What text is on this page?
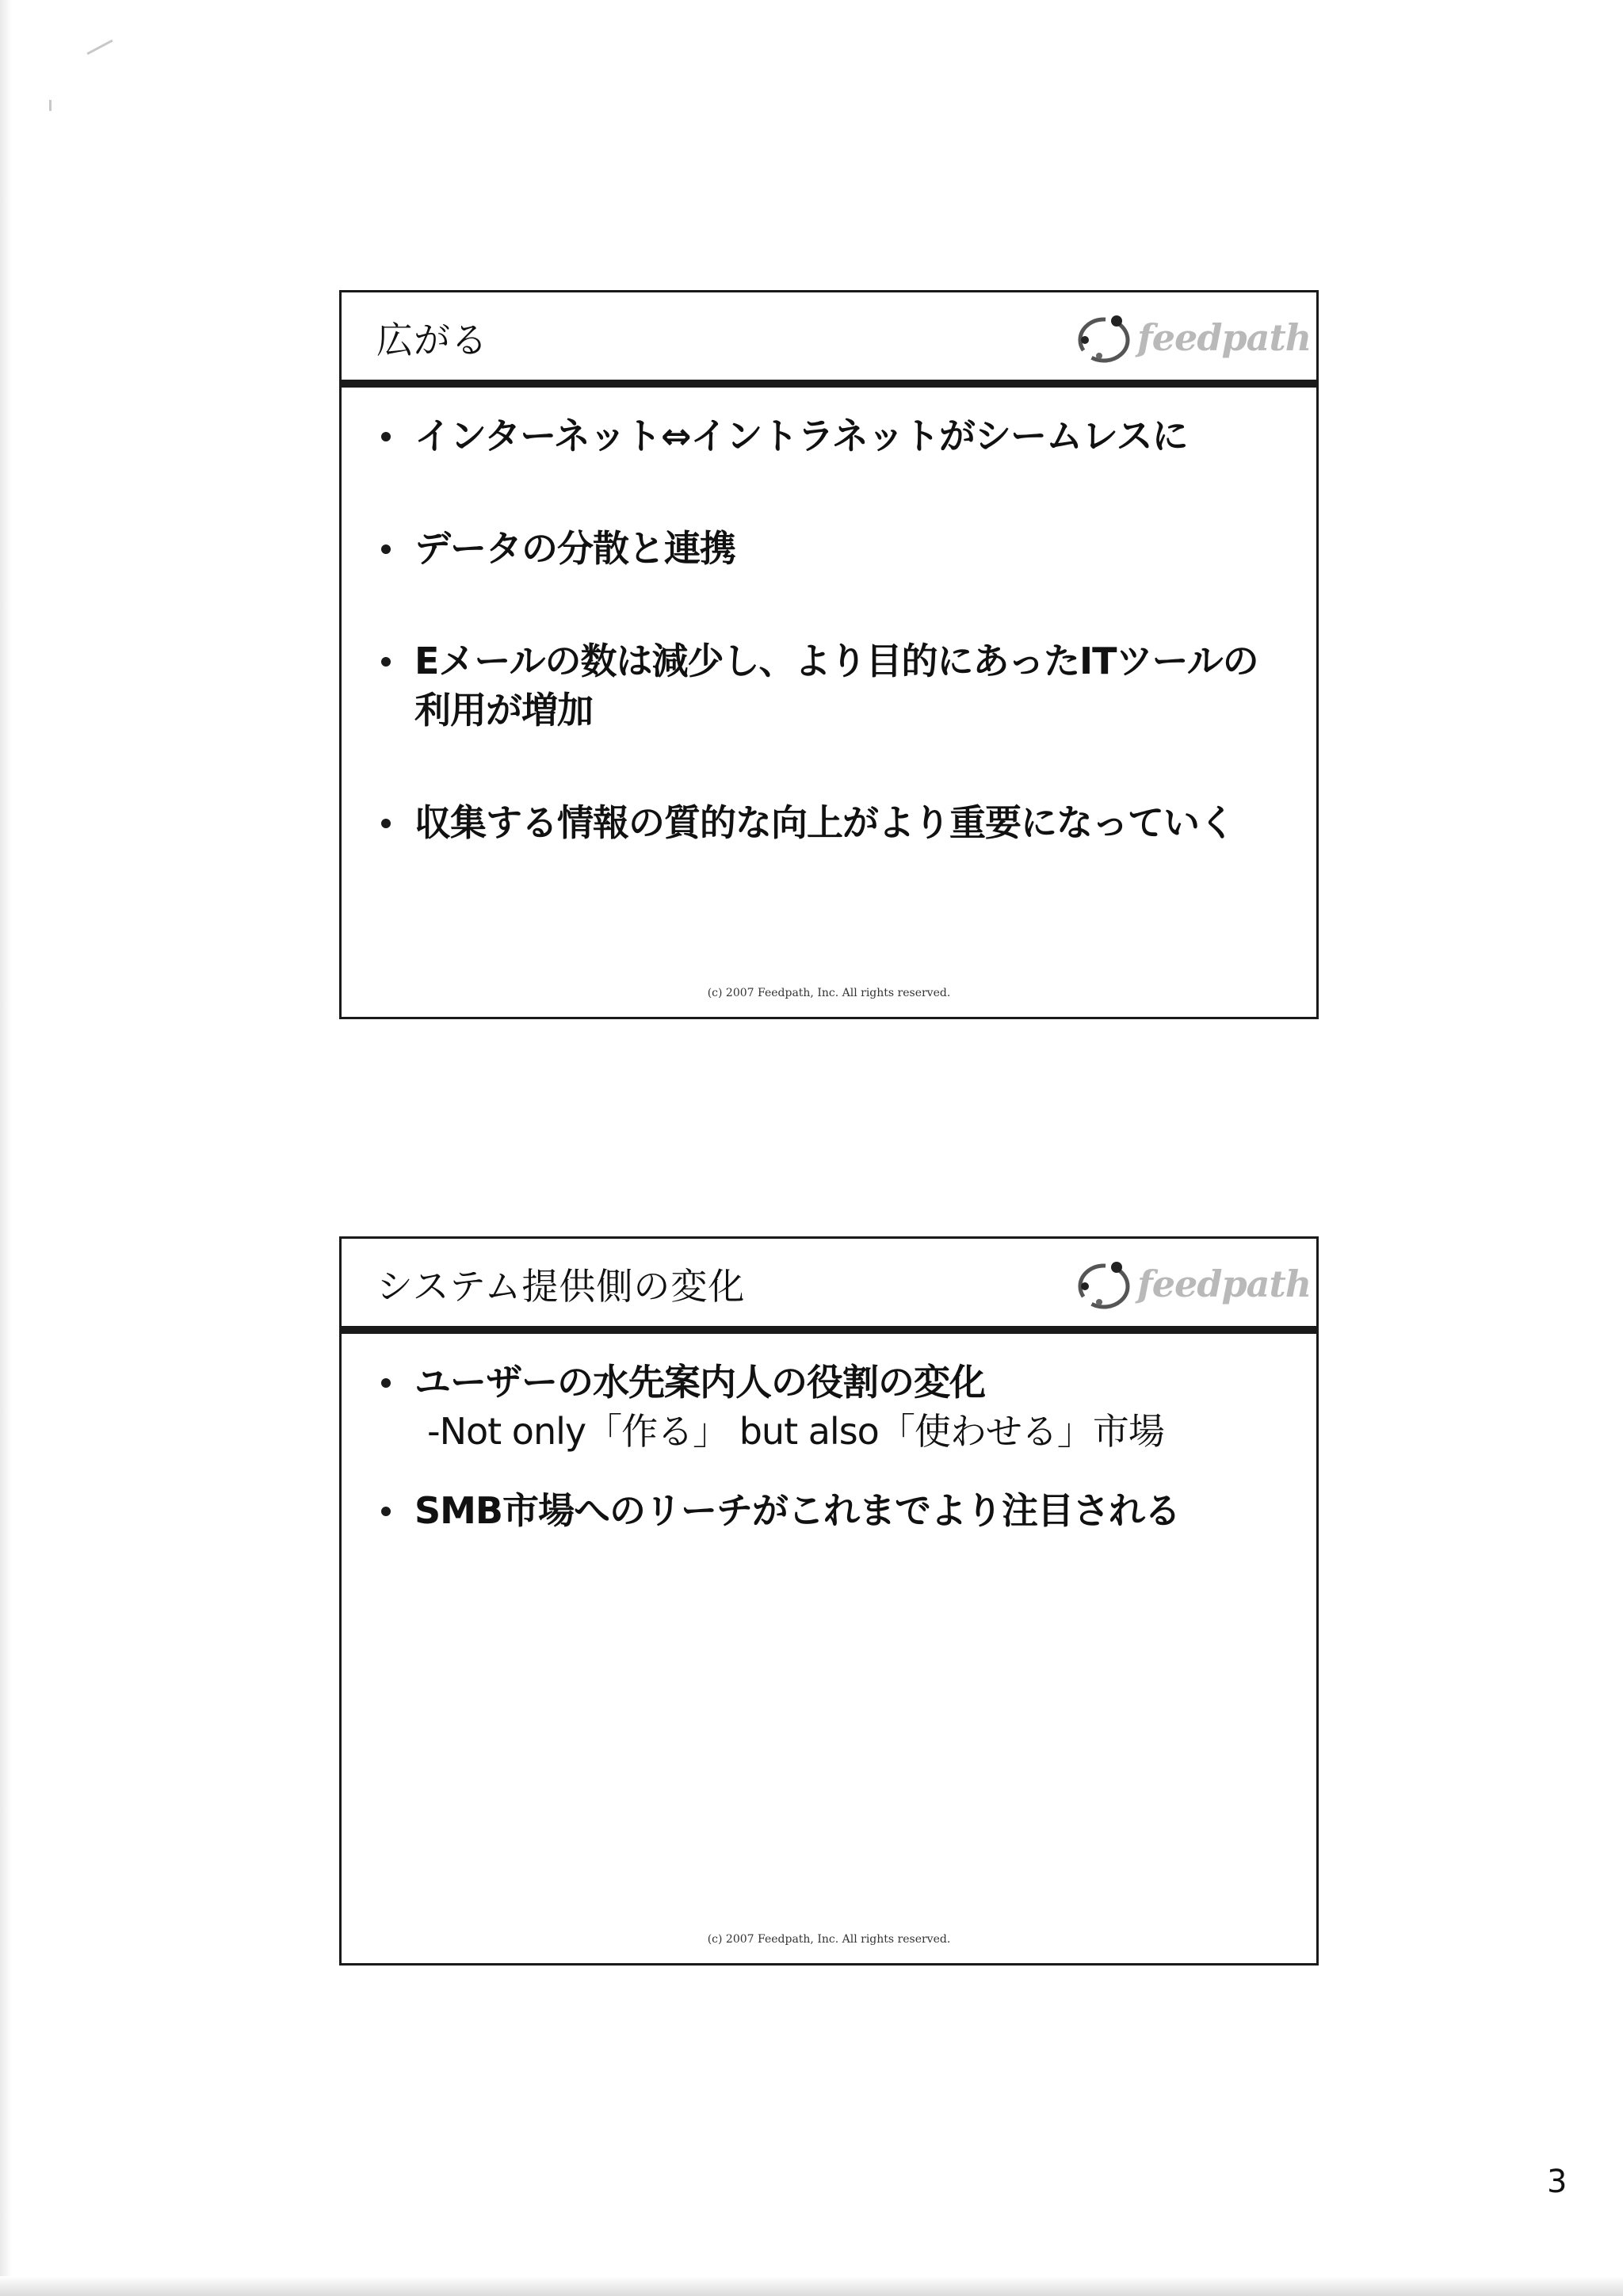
広がる	feedpath
インターネット⇔イントラネットがシームレスに
データの分散と連携
Eメールの数は減少し、より目的にあったITツールの利用が増加
収集する情報の質的な向上がより重要になっていく
(c) 2007 Feedpath, Inc. All rights reserved.
システム提供側の変化	feedpath
ユーザーの水先案内人の役割の変化
-Not only「作る」 but also「使わせる」市場
SMB市場へのリーチがこれまでより注目される
(c) 2007 Feedpath, Inc. All rights reserved.
3
